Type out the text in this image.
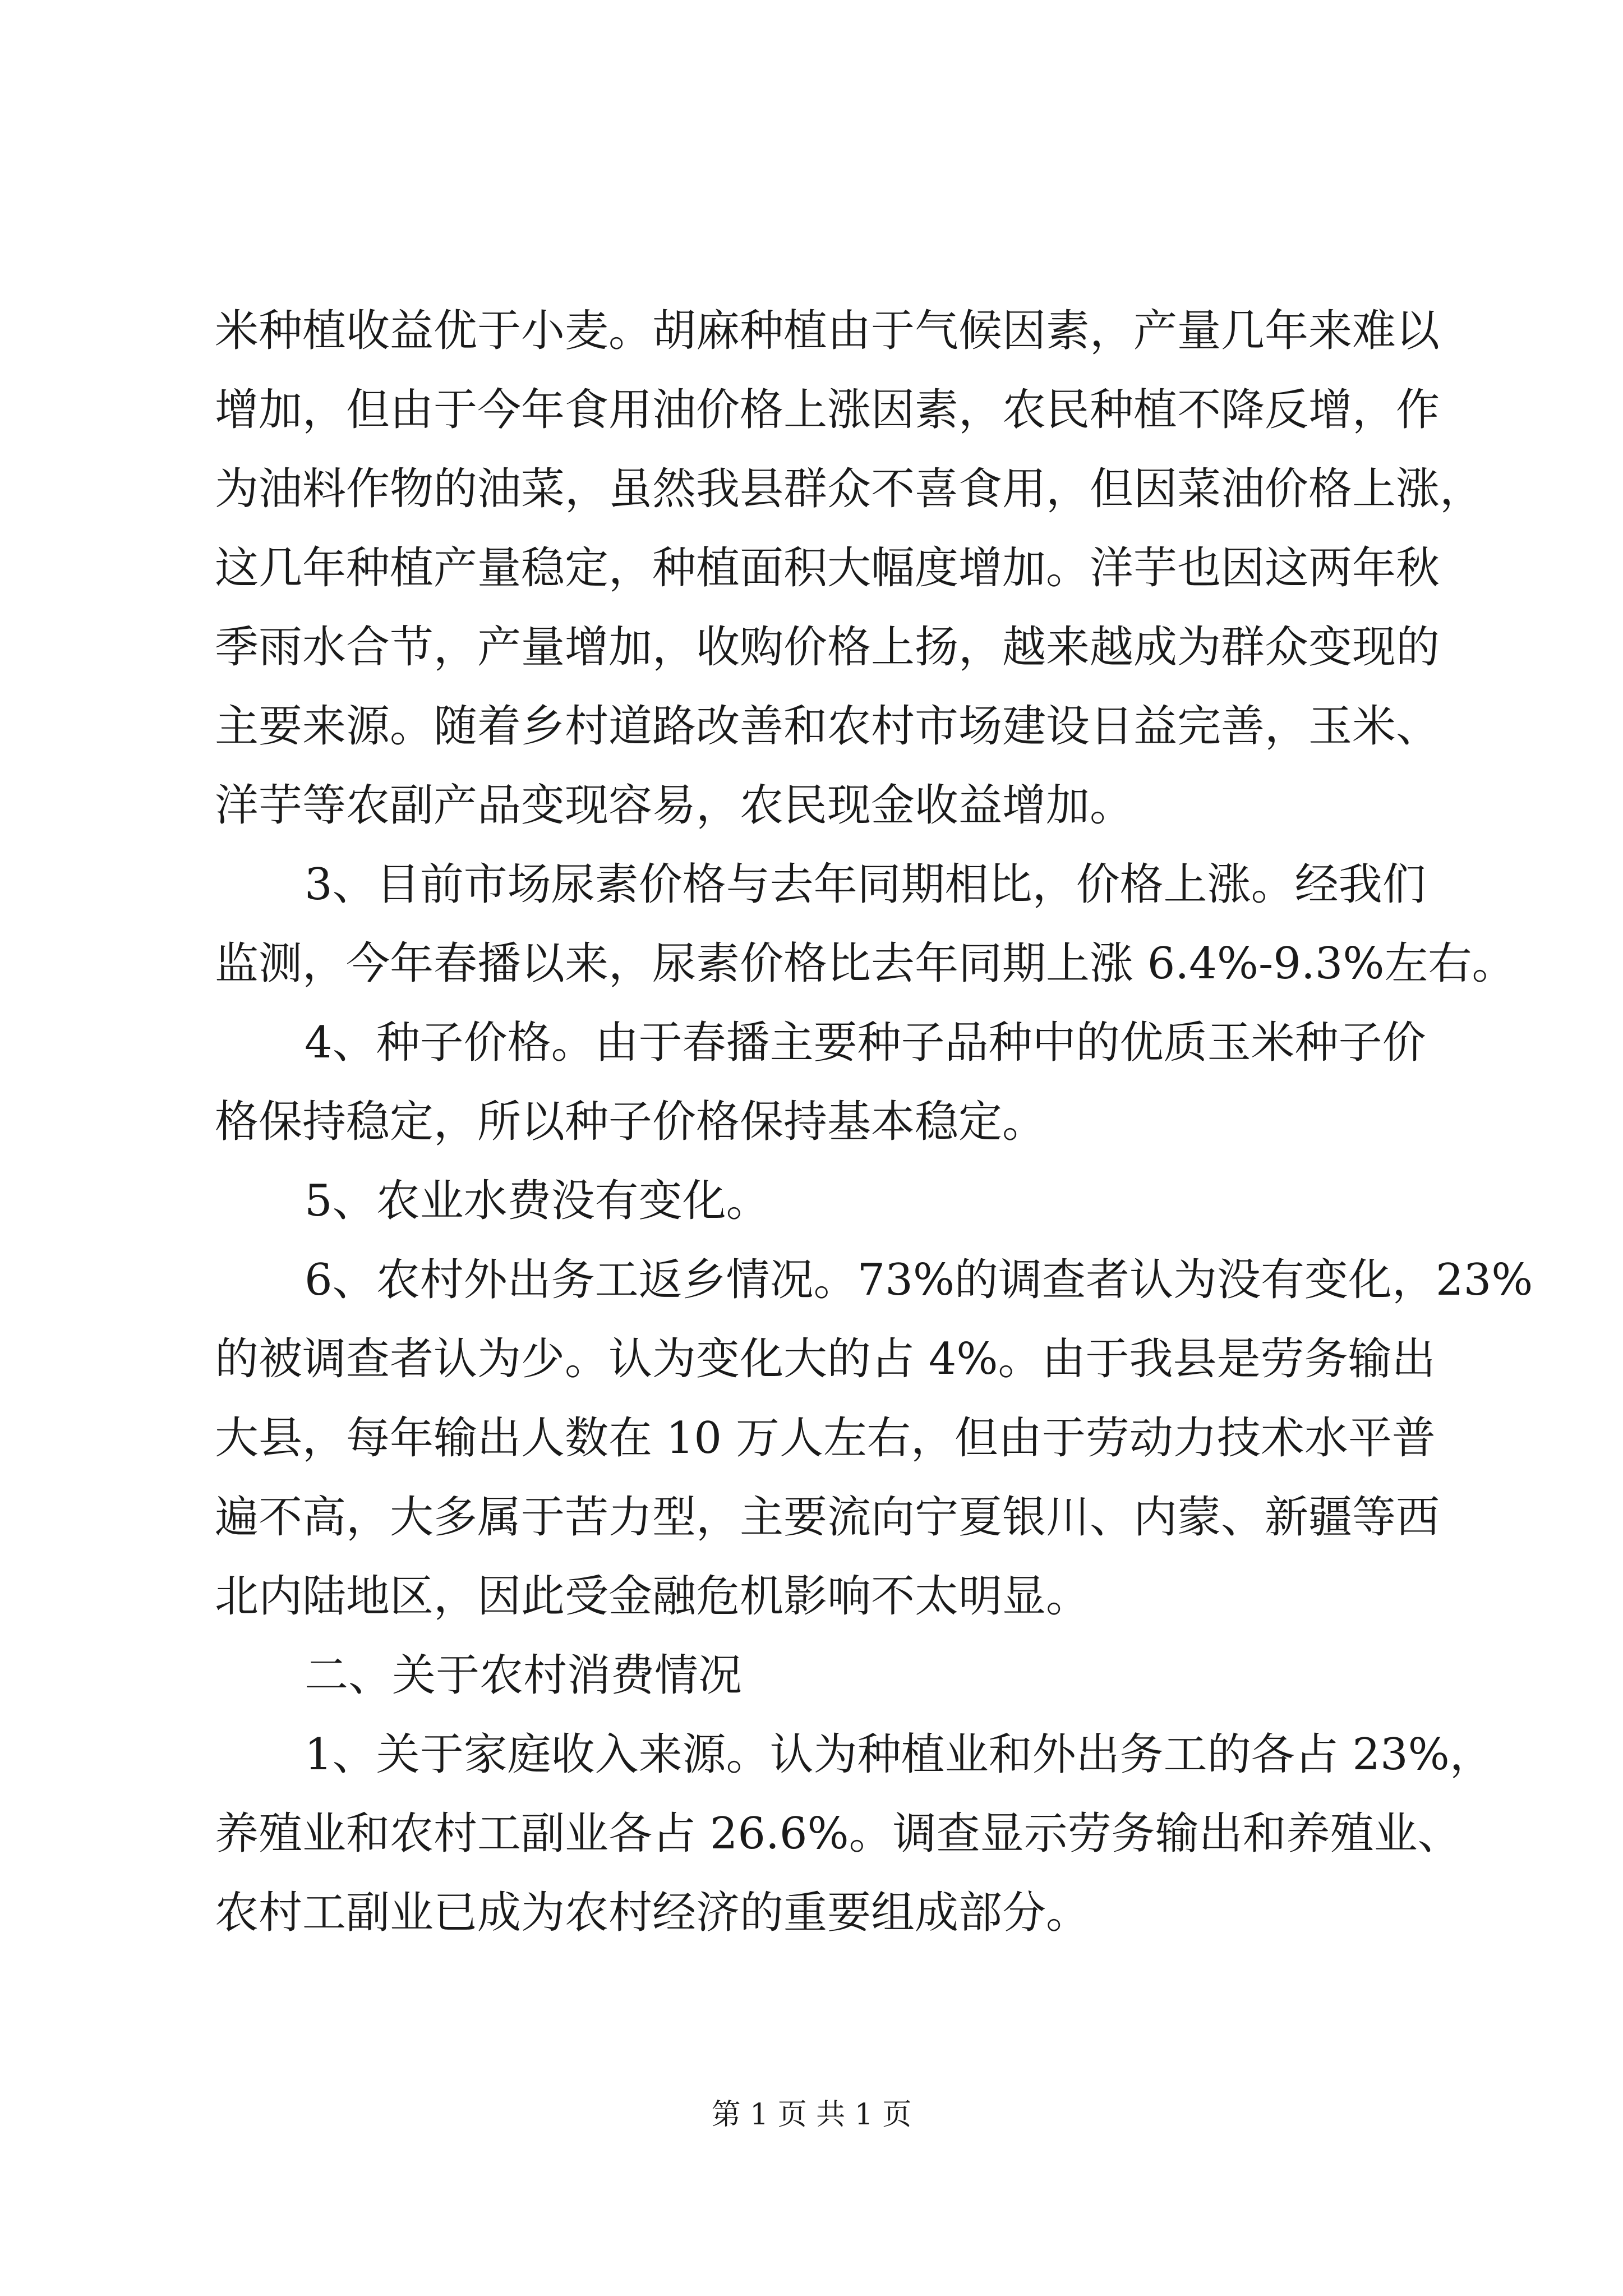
米种植收益优于小麦。胡麻种植由于气候因素，产量几年来难以
增加，但由于今年食用油价格上涨因素，农民种植不降反增，作
为油料作物的油菜，虽然我县群众不喜食用，但因菜油价格上涨，
这几年种植产量稳定，种植面积大幅度增加。洋芋也因这两年秋
季雨水合节，产量增加，收购价格上扬，越来越成为群众变现的
主要来源。随着乡村道路改善和农村市场建设日益完善，玉米、
洋芋等农副产品变现容易，农民现金收益增加。
3、目前市场尿素价格与去年同期相比，价格上涨。经我们
监测，今年春播以来，尿素价格比去年同期上涨 6.4%-9.3%左右。
4、种子价格。由于春播主要种子品种中的优质玉米种子价
格保持稳定，所以种子价格保持基本稳定。
5、农业水费没有变化。
6、农村外出务工返乡情况。73%的调查者认为没有变化，23%
的被调查者认为少。认为变化大的占 4%。由于我县是劳务输出
大县，每年输出人数在 10 万人左右，但由于劳动力技术水平普
遍不高，大多属于苦力型，主要流向宁夏银川、内蒙、新疆等西
北内陆地区，因此受金融危机影响不太明显。
二、关于农村消费情况
1、关于家庭收入来源。认为种植业和外出务工的各占 23%，
养殖业和农村工副业各占 26.6%。调查显示劳务输出和养殖业、
农村工副业已成为农村经济的重要组成部分。
第 1 页 共 1 页
